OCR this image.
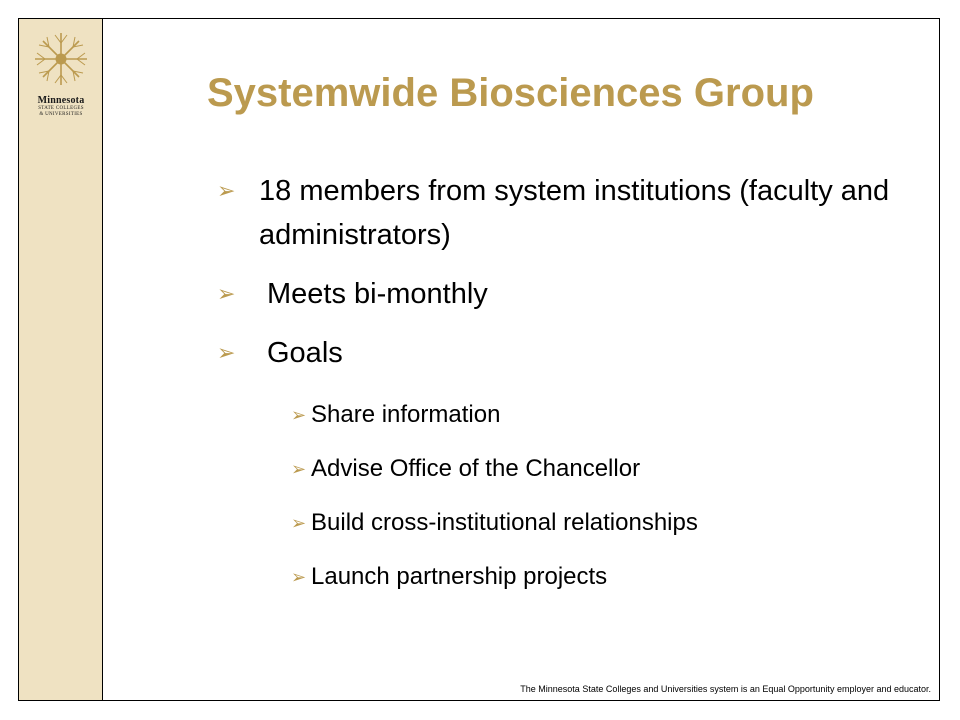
Minnesota
STATE COLLEGES
& UNIVERSITIES	Systemwide Biosciences Group
➢ 18 members from system institutions (faculty and administrators)
➢ Meets bi-monthly
➢ Goals
➢ Share information
➢ Advise Office of the Chancellor
➢ Build cross-institutional relationships
➢ Launch partnership projects
The Minnesota State Colleges and Universities system is an Equal Opportunity employer and educator.
